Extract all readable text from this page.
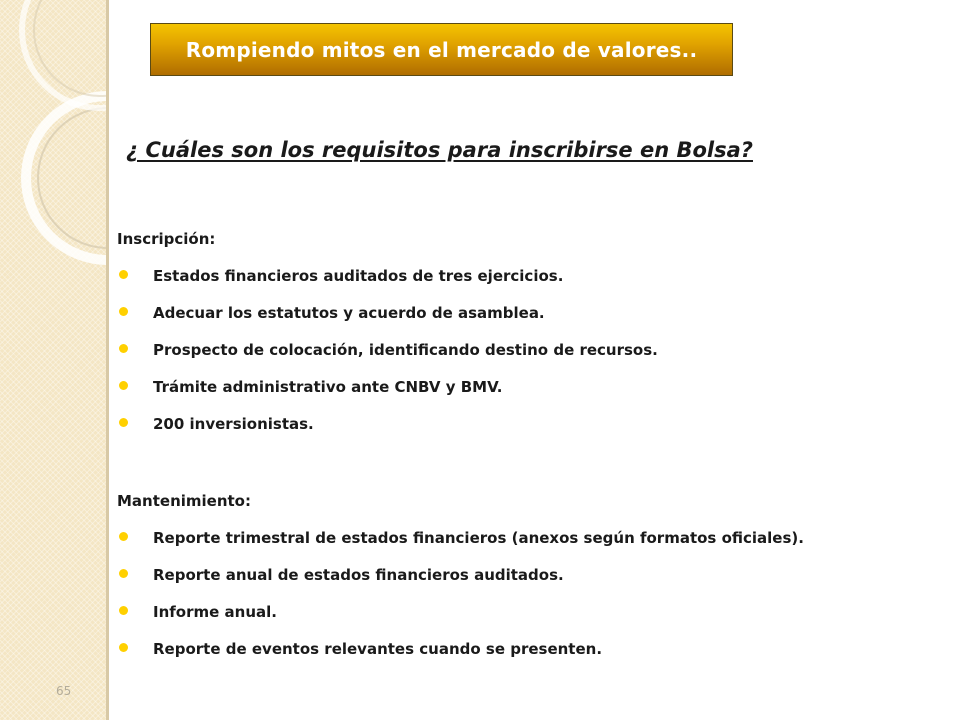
Rompiendo mitos en el mercado de valores..
¿ Cuáles son los requisitos para inscribirse en Bolsa?
Inscripción:
Estados financieros auditados de tres ejercicios.
Adecuar los estatutos y acuerdo de asamblea.
Prospecto de colocación, identificando destino de recursos.
Trámite administrativo ante CNBV y BMV.
200 inversionistas.
Mantenimiento:
Reporte trimestral de estados financieros (anexos según formatos oficiales).
Reporte anual de estados financieros auditados.
Informe anual.
Reporte de eventos relevantes cuando se presenten.
65
